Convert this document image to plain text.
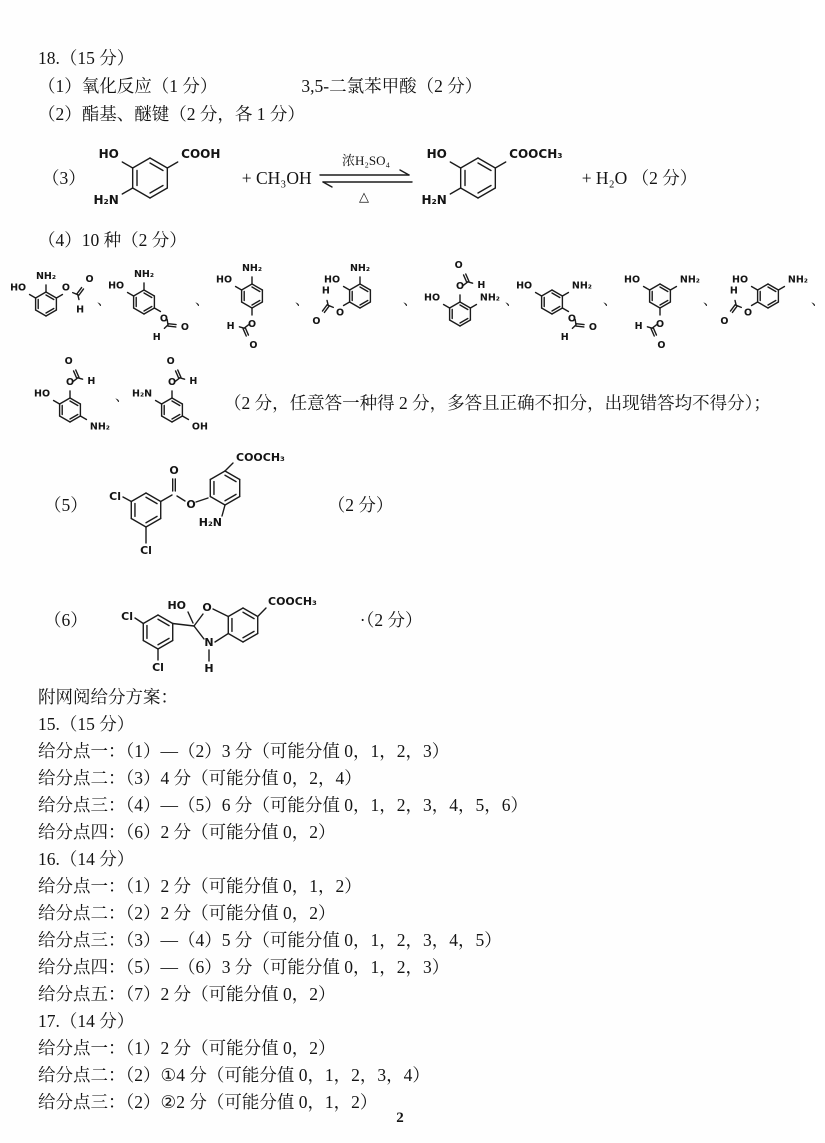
18.（15 分）
（1）氧化反应（1 分）	3,5-二氯苯甲酸（2 分）
（2）酯基、醚键（2 分，各 1 分）
（3）
HO	COOH
H₂N
+ CH₃OH
浓H₂SO₄
△
HO	COOCH₃
H₂N
+ H₂O （2 分）
（4）10 种（2 分）
HO
NH₂
O
O
H
、
HO
NH₂
O
O
H
、
HO
NH₂
O
O
H
、
HO
NH₂
O
O
H
、 HO	NH₂
O
O
H
、
HO	NH₂
O
O
H
、
HO	NH₂
O
O
H
、
HO	NH₂
O
O
H
、
HO
O
O
H
NH₂
、 H₂N
O
O
H
OH
（2 分，任意答一种得 2 分，多答且正确不扣分，出现错答均不得分）；
（5） Cl
Cl
O
O
COOCH₃
H₂N
（2 分）
（6）
O
N
HO
H
Cl
Cl
COOCH₃
·（2 分）
附网阅给分方案：
15.（15 分）
给分点一：（1）—（2）3 分（可能分值 0，1，2，3）
给分点二：（3）4 分（可能分值 0，2，4）
给分点三：（4）—（5）6 分（可能分值 0，1，2，3，4，5，6）
给分点四：（6）2 分（可能分值 0，2）
16.（14 分）
给分点一：（1）2 分（可能分值 0，1，2）
给分点二：（2）2 分（可能分值 0，2）
给分点三：（3）—（4）5 分（可能分值 0，1，2，3，4，5）
给分点四：（5）—（6）3 分（可能分值 0，1，2，3）
给分点五：（7）2 分（可能分值 0，2）
17.（14 分）
给分点一：（1）2 分（可能分值 0，2）
给分点二：（2）①4 分（可能分值 0，1，2，3，4）
给分点三：（2）②2 分（可能分值 0，1，2）
2
